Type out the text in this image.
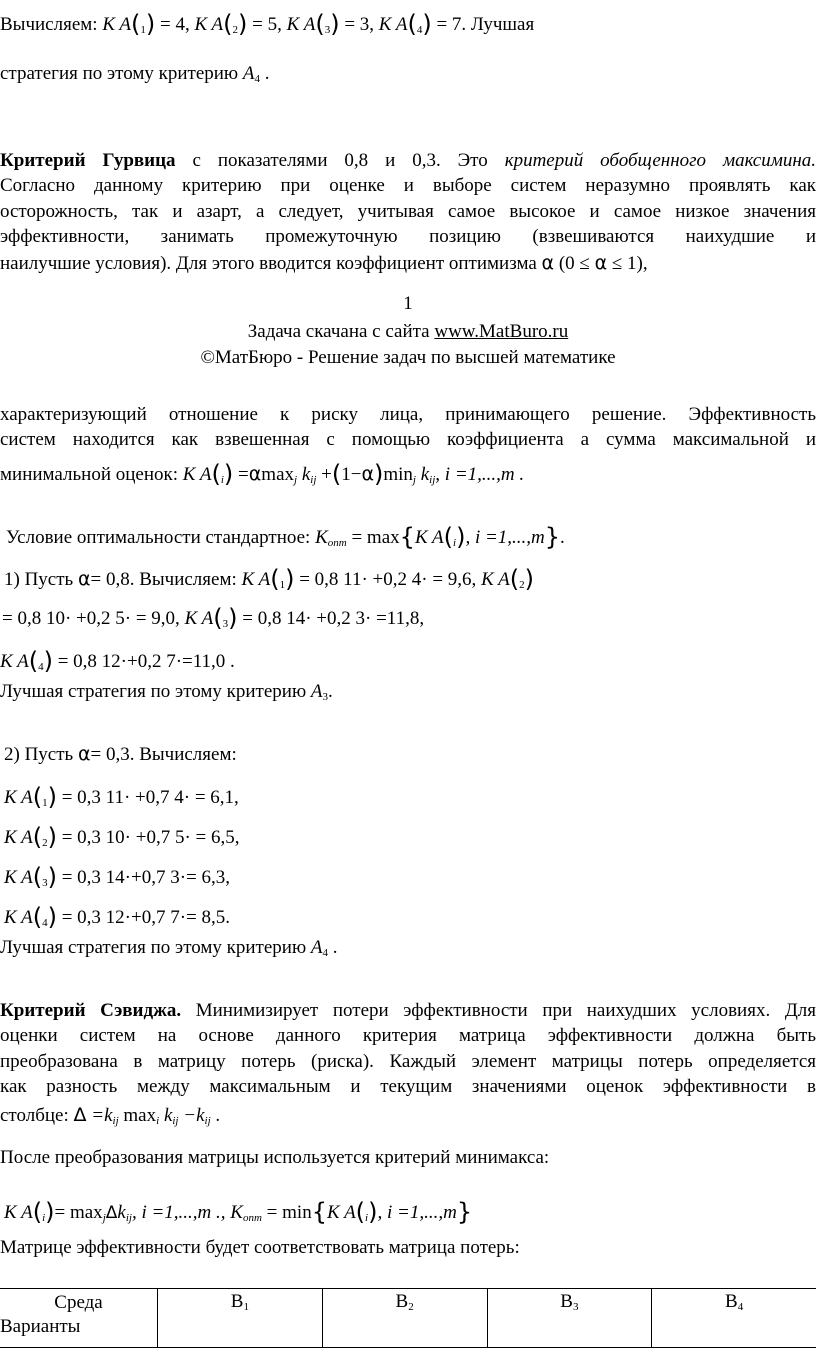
Вычисляем: K $A(_1) = 4$, K $A(_2) = 5$, K $A(_3) = 3$, K $A(_4) = 7$. Лучшая
стратегия по этому критерию $A_4$ .
Критерий Гурвица с показателями 0,8 и 0,3. Это критерий обобщенного максимина.
Согласно данному критерию при оценке и выборе систем неразумно проявлять как
осторожность, так и азарт, а следует, учитывая самое высокое и самое низкое значения
эффективности, занимать промежуточную позицию (взвешиваются наихудшие и
наилучшие условия). Для этого вводится коэффициент оптимизма α (0 ≤ α ≤ 1),
1
Задача скачана с сайта www.MatBuro.ru
©МатБюро - Решение задач по высшей математике
характеризующий отношение к риску лица, принимающего решение. Эффективность
систем находится как взвешенная с помощью коэффициента а сумма максимальной и
минимальной оценок: K $A(_i) =\alpha\max_j$ $k_{ij} +(1-\alpha)\min_j$ $k_{ij}$, i =1,...,m .
Условие оптимальности стандартное: $K_{опт} = \max\{K$ $A(_i)$, i =1,...,m}.
1) Пусть α= 0,8. Вычисляем: K $A(_1) = 0,8$ 11· +0,2 4· = 9,6, K $A(_2)$
= 0,8 10· +0,2 5· = 9,0, K $A(_3) = 0,8$ 14· +0,2 3· =11,8,
K $A(_4) = 0,8$ 12·+0,2 7·=11,0 .
Лучшая стратегия по этому критерию $A_3$.
2) Пусть α= 0,3. Вычисляем:
K $A(_1) = 0,3$ 11· +0,7 4· = 6,1,
K $A(_2) = 0,3$ 10· +0,7 5· = 6,5,
K $A(_3) = 0,3$ 14·+0,7 3·= 6,3,
K $A(_4) = 0,3$ 12·+0,7 7·= 8,5.
Лучшая стратегия по этому критерию $A_4$ .
Критерий Сэвиджа. Минимизирует потери эффективности при наихудших условиях. Для
оценки систем на основе данного критерия матрица эффективности должна быть
преобразована в матрицу потерь (риска). Каждый элемент матрицы потерь определяется
как разность между максимальным и текущим значениями оценок эффективности в
столбце: $\Delta =k_{ij}$ $\max_i k_{ij} -k_{ij}$ .
После преобразования матрицы используется критерий минимакса:
K $A(_i)= \max_j\Delta k_{ij}$, i =1,...,m ., $K_{опт} = \min\{K$ $A(_i)$, i =1,...,m}
Матрице эффективности будет соответствовать матрица потерь:
Среда
Варианты
	$B_1$	$B_2$	$B_3$	$B_4$
